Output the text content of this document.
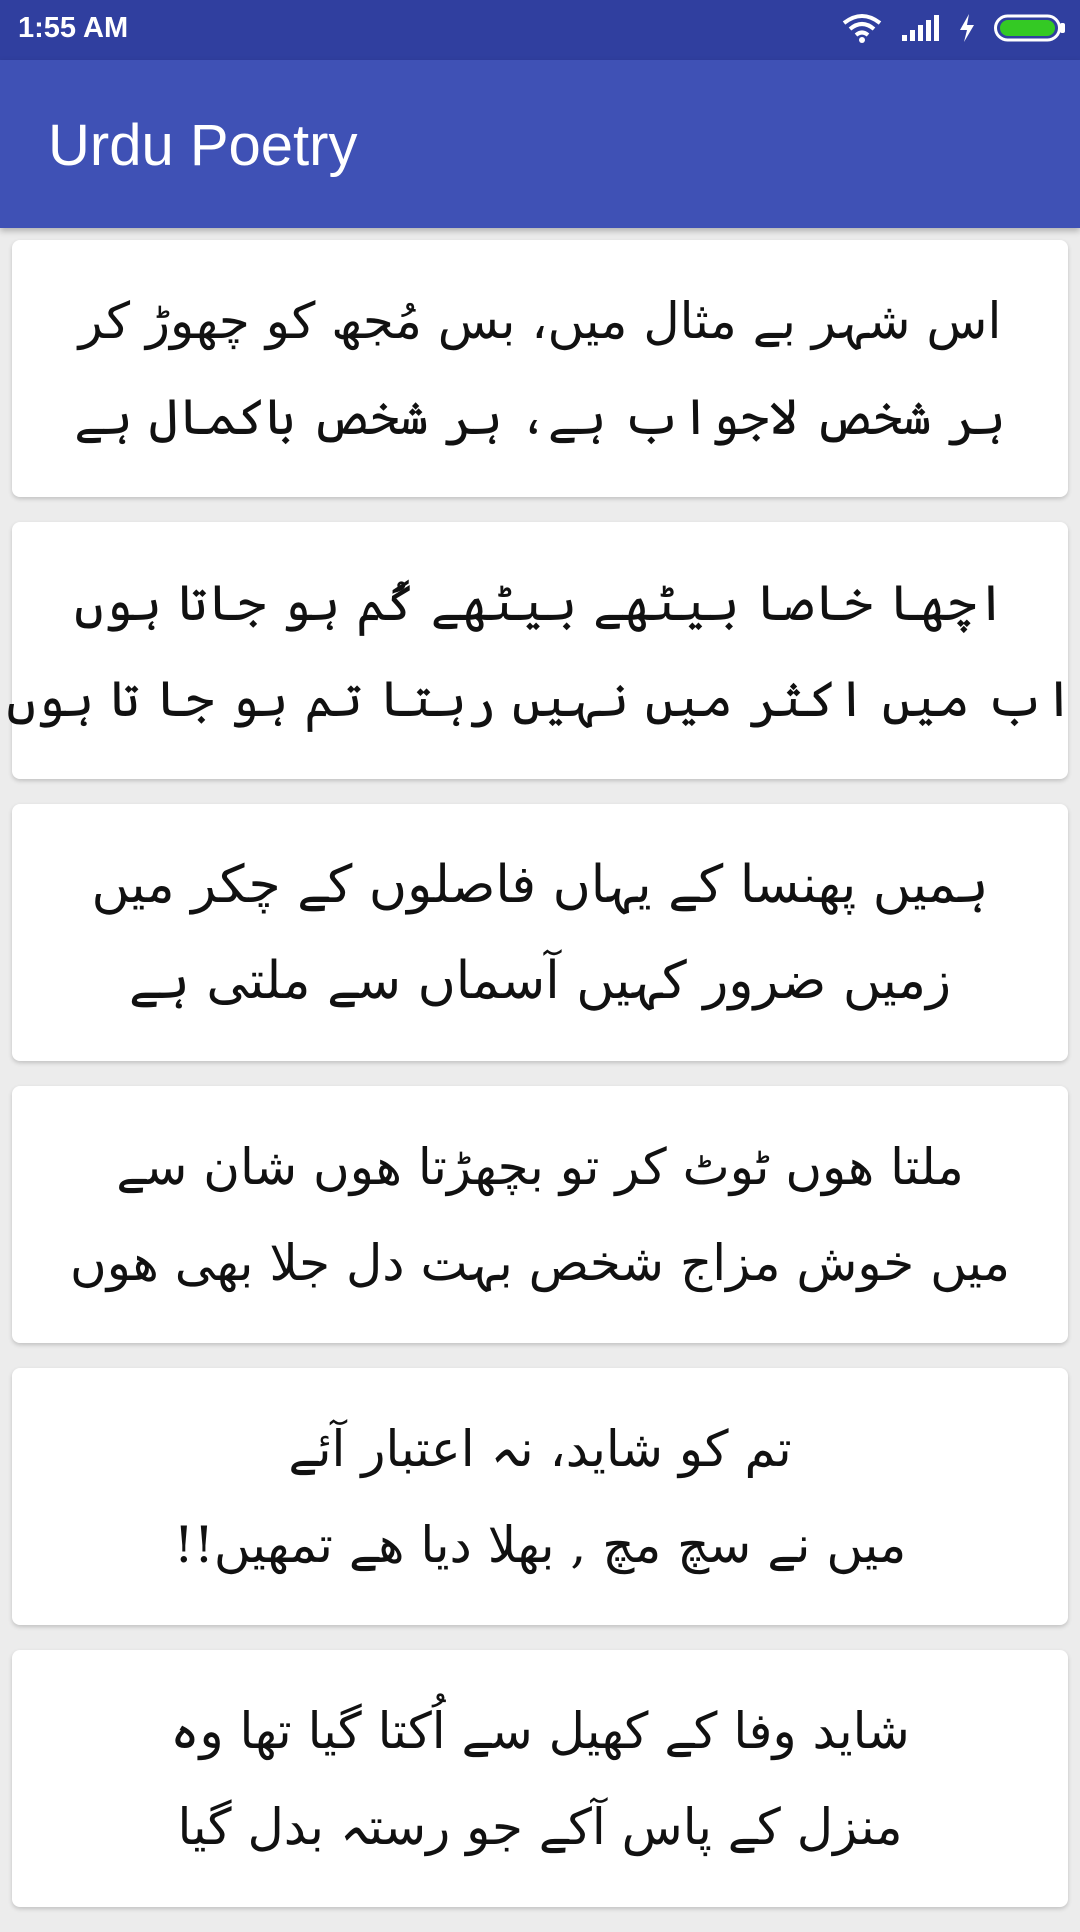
1:55 AM
Urdu Poetry
اس شہر بے مثال میں، بس مُجھ کو چھوڑ کر
ہر شخص لاجواب ہے، ہر شخص باکمال ہے
اچھا خاصا بیٹھے بیٹھے گُم ہو جاتا ہوں
اب میں اکثر میں نہیں رہتا تم ہو جا تا ہوں
ہمیں پھنسا کے یہاں فاصلوں کے چکر میں
زمیں ضرور کہیں آسماں سے ملتی ہے
ملتا ھوں ٹوٹ کر تو بچھڑتا ھوں شان سے
میں خوش مزاج شخص بہت دل جلا بھی ھوں
تم کو شاید، نہ اعتبار آئے
میں نے سچ مچ , بھلا دیا ھے تمھیں!!
شاید وفا کے کھیل سے اُکتا گیا تھا وہ
منزل کے پاس آکے جو رستہ بدل گیا
